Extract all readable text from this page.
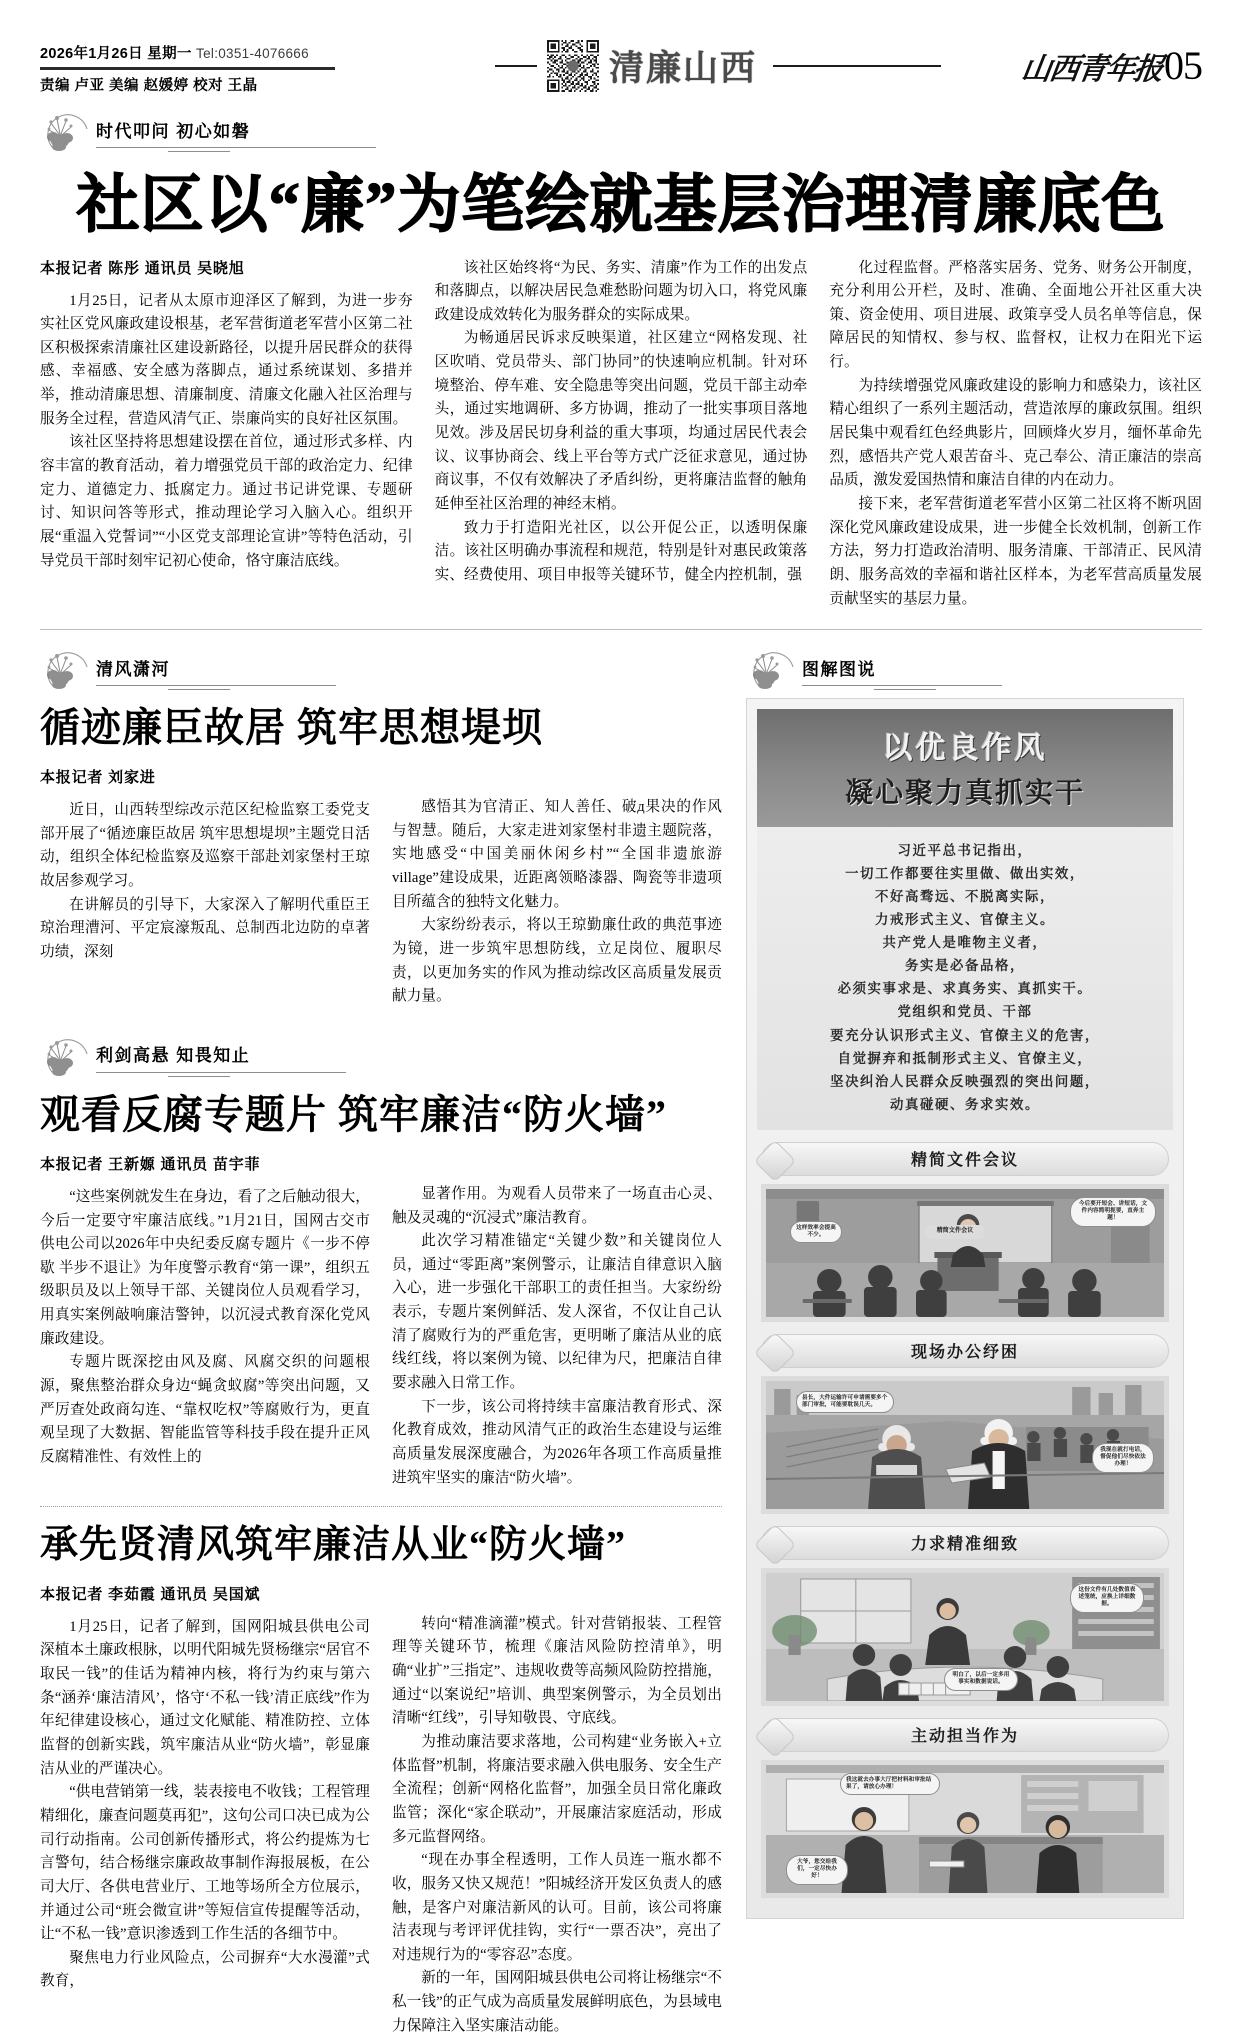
2026年1月26日 星期一 Tel:0351-4076666
责编 卢亚 美编 赵媛婷 校对 王晶	清廉山西	山西青年报 05
时代叩问 初心如磐
社区以“廉”为笔绘就基层治理清廉底色
本报记者 陈彤 通讯员 吴晓旭

1月25日，记者从太原市迎泽区了解到，为进一步夯实社区党风廉政建设根基，老军营街道老军营小区第二社区积极探索清廉社区建设新路径，以提升居民群众的获得感、幸福感、安全感为落脚点，通过系统谋划、多措并举，推动清廉思想、清廉制度、清廉文化融入社区治理与服务全过程，营造风清气正、崇廉尚实的良好社区氛围。

该社区坚持将思想建设摆在首位，通过形式多样、内容丰富的教育活动，着力增强党员干部的政治定力、纪律定力、道德定力、抵腐定力。通过书记讲党课、专题研讨、知识问答等形式，推动理论学习入脑入心。组织开展“重温入党誓词”“小区党支部理论宣讲”等特色活动，引导党员干部时刻牢记初心使命，恪守廉洁底线。

该社区始终将“为民、务实、清廉”作为工作的出发点和落脚点，以解决居民急难愁盼问题为切入口，将党风廉政建设成效转化为服务群众的实际成果。

为畅通居民诉求反映渠道，社区建立“网格发现、社区吹哨、党员带头、部门协同”的快速响应机制。针对环境整治、停车难、安全隐患等突出问题，党员干部主动牵头，通过实地调研、多方协调，推动了一批实事项目落地见效。涉及居民切身利益的重大事项，均通过居民代表会议、议事协商会、线上平台等方式广泛征求意见，通过协商议事，不仅有效解决了矛盾纠纷，更将廉洁监督的触角延伸至社区治理的神经末梢。

致力于打造阳光社区，以公开促公正，以透明保廉洁。该社区明确办事流程和规范，特别是针对惠民政策落实、经费使用、项目申报等关键环节，健全内控机制，强

化过程监督。严格落实居务、党务、财务公开制度，充分利用公开栏，及时、准确、全面地公开社区重大决策、资金使用、项目进展、政策享受人员名单等信息，保障居民的知情权、参与权、监督权，让权力在阳光下运行。

为持续增强党风廉政建设的影响力和感染力，该社区精心组织了一系列主题活动，营造浓厚的廉政氛围。组织居民集中观看红色经典影片，回顾烽火岁月，缅怀革命先烈，感悟共产党人艰苦奋斗、克己奉公、清正廉洁的崇高品质，激发爱国热情和廉洁自律的内在动力。

接下来，老军营街道老军营小区第二社区将不断巩固深化党风廉政建设成果，进一步健全长效机制，创新工作方法，努力打造政治清明、服务清廉、干部清正、民风清朗、服务高效的幸福和谐社区样本，为老军营高质量发展贡献坚实的基层力量。

清风潇河
循迹廉臣故居 筑牢思想堤坝
本报记者 刘家进

近日，山西转型综改示范区纪检监察工委党支部开展了“循迹廉臣故居 筑牢思想堤坝”主题党日活动，组织全体纪检监察及巡察干部赴刘家堡村王琼故居参观学习。

在讲解员的引导下，大家深入了解明代重臣王琼治理漕河、平定宸濠叛乱、总制西北边防的卓著功绩，深刻

感悟其为官清正、知人善任、破д果决的作风与智慧。随后，大家走进刘家堡村非遗主题院落，实地感受“中国美丽休闲乡村”“全国非遗旅游village”建设成果，近距离领略漆器、陶瓷等非遗项目所蕴含的独特文化魅力。

大家纷纷表示，将以王琼勤廉仕政的典范事迹为镜，进一步筑牢思想防线，立足岗位、履职尽责，以更加务实的作风为推动综改区高质量发展贡献力量。

利剑高悬 知畏知止
观看反腐专题片 筑牢廉洁“防火墙”
本报记者 王新嫄 通讯员 苗宇菲

“这些案例就发生在身边，看了之后触动很大，今后一定要守牢廉洁底线。”1月21日，国网古交市供电公司以2026年中央纪委反腐专题片《一步不停歇 半步不退让》为年度警示教育“第一课”，组织五级职员及以上领导干部、关键岗位人员观看学习，用真实案例敲响廉洁警钟，以沉浸式教育深化党风廉政建设。

专题片既深挖由风及腐、风腐交织的问题根源，聚焦整治群众身边“蝇贪蚁腐”等突出问题，又严厉查处政商勾连、“靠权吃权”等腐败行为，更直观呈现了大数据、智能监管等科技手段在提升正风反腐精准性、有效性上的

显著作用。为观看人员带来了一场直击心灵、触及灵魂的“沉浸式”廉洁教育。

此次学习精准锚定“关键少数”和关键岗位人员，通过“零距离”案例警示，让廉洁自律意识入脑入心，进一步强化干部职工的责任担当。大家纷纷表示，专题片案例鲜活、发人深省，不仅让自己认清了腐败行为的严重危害，更明晰了廉洁从业的底线红线，将以案例为镜、以纪律为尺，把廉洁自律要求融入日常工作。

下一步，该公司将持续丰富廉洁教育形式、深化教育成效，推动风清气正的政治生态建设与运维高质量发展深度融合，为2026年各项工作高质量推进筑牢坚实的廉洁“防火墙”。

承先贤清风筑牢廉洁从业“防火墙”
本报记者 李茹霞 通讯员 吴国斌

1月25日，记者了解到，国网阳城县供电公司深植本土廉政根脉，以明代阳城先贤杨继宗“居官不取民一钱”的佳话为精神内核，将行为约束与第六条“涵养‘廉洁清风’，恪守‘不私一钱’清正底线”作为年纪律建设核心，通过文化赋能、精准防控、立体监督的创新实践，筑牢廉洁从业“防火墙”，彰显廉洁从业的严谨决心。

“供电营销第一线，装表接电不收钱；工程管理精细化，廉查问题莫再犯”，这句公司口决已成为公司行动指南。公司创新传播形式，将公约提炼为七言警句，结合杨继宗廉政故事制作海报展板，在公司大厅、各供电营业厅、工地等场所全方位展示，并通过公司“班会微宣讲”等短信宣传提醒等活动，让“不私一钱”意识渗透到工作生活的各细节中。

聚焦电力行业风险点，公司摒弃“大水漫灌”式教育，

转向“精准滴灌”模式。针对营销报装、工程管理等关键环节，梳理《廉洁风险防控清单》，明确“业扩”三指定”、违规收费等高频风险防控措施，通过“以案说纪”培训、典型案例警示，为全员划出清晰“红线”，引导知敬畏、守底线。

为推动廉洁要求落地，公司构建“业务嵌入+立体监督”机制，将廉洁要求融入供电服务、安全生产全流程；创新“网格化监督”，加强全员日常化廉政监管；深化“家企联动”，开展廉洁家庭活动，形成多元监督网络。

“现在办事全程透明，工作人员连一瓶水都不收，服务又快又规范！”阳城经济开发区负责人的感触，是客户对廉洁新风的认可。目前，该公司将廉洁表现与考评评优挂钩，实行“一票否决”，亮出了对违规行为的“零容忍”态度。

新的一年，国网阳城县供电公司将让杨继宗“不私一钱”的正气成为高质量发展鲜明底色，为县域电力保障注入坚实廉洁动能。

图解图说
以优良作风
凝心聚力真抓实干
习近平总书记指出，
一切工作都要往实里做、做出实效，
不好高骛远、不脱离实际，
力戒形式主义、官僚主义。
共产党人是唯物主义者，
务实是必备品格，
必须实事求是、求真务实、真抓实干。
党组织和党员、干部
要充分认识形式主义、官僚主义的危害，
自觉摒弃和抵制形式主义、官僚主义，
坚决纠治人民群众反映强烈的突出问题，
动真碰硬、务求实效。
精简文件会议
精简文件会议
今后要开短会、讲短话，文件内容简明扼要，直奔主题！
这样效率会提高不少。
现场办公纾困
县长，大件运输许可申请需要多个部门审批，可能要耽误几天。
我现在就打电话，督促他们尽快依法办理！
力求精准细致
这份文件有几处数值表述笼统，应换上详细数据。
明白了，以后一定多用事实和数据说话。
主动担当作为
我这就去办事大厅把材料和审批结果了，请放心办理！
大爷，您交给我们，一定尽快办好！
